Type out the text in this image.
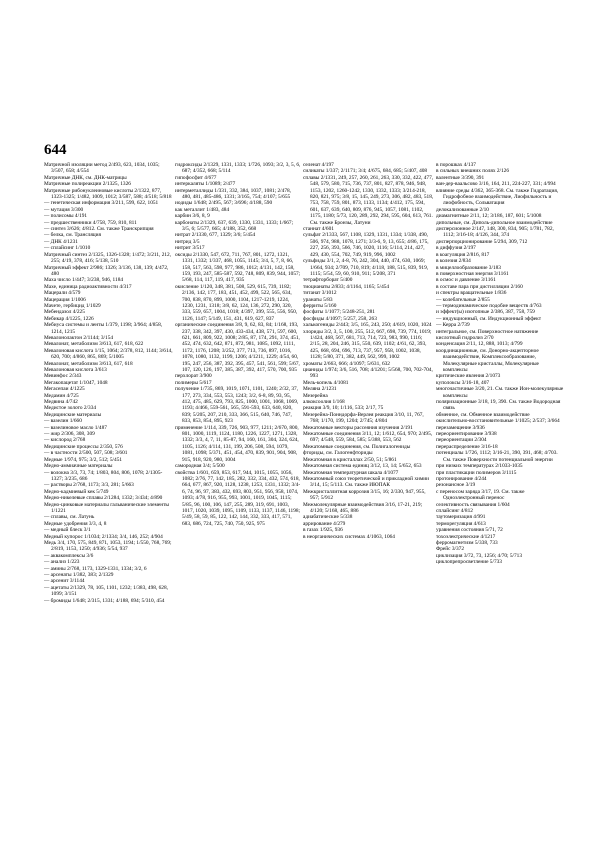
644

Матричной изоляции метод 2/493, 623, 1034, 1035; 3/507, 658; 4/554

Матричные ДНК, см. ДНК-матрицы

Матричные полиреакции 2/1325, 1326

Матричные рибонуклеиновые кислоты 2/1322, 877, 1323-1325; 1/482, 1009, 1012; 3/587, 588; 4/518; 5/818

— генетическая информация 3/211, 599, 622, 1051

— мутация 3/300

— полисомы 4/191

— предшественники 4/758, 759, 810, 811

— синтез 3/626; 4/812. См. также Транскрипция

— белка, см. Трансляция

— ДНК 4/1231

— сплайсинг 1/1010

Матричный синтез 2/1325, 1326-1328; 1/472; 3/211, 212, 255; 4/19, 378, 416; 5/138, 510

Матричный эффект 2/986; 1326; 3/136, 138, 139; 4/472, 480

Маха число 1/447; 3/238, 946, 1184

Махе, единица радиоактивности 4/317

Мацерали 4/579

Мацерация 1/1006

Мачете, гербицид 1/1029

Мебендазол 4/225

Мебикар 4/1225, 1226

Мебиуса системы и ленты 1/379, 1198; 3/964; 4/858, 1214, 1215

Мевалонолактон 2/1144; 3/154

Мевалонат, метаболизм 3/613, 617, 618, 622

Мевалоновая кислота 1/15, 1064; 2/378, 812, 1144; 3/614, 620, 700; 4/860, 865, 869; 5/1005

Мевалонат, метаболизм 3/613, 617, 618

Мевалоновая кислота 3/613

Мевинфос 2/343

Мегакопацетат 1/1047, 1048

Мегасепаи 4/1225

Медамин 4/725

Медвина 4/742

Медистое золото 2/334

Медицинские материалы

— вазелин 1/660

— вазелиновое масло 1/487

— жир 2/306, 308, 309

— кислород 2/768

Медицинские процессы 2/350, 576

— в частности 2/500, 507, 508; 3/601

Медные 1/974, 975; 3/2, 512; 5/451

Медно-аммиачные материалы

— волокна 3/3, 73, 74; 1/803, 804, 806, 1078; 2/1305-1327; 3/235, 686

— растворы 2/768, 1173; 3/3, 281; 5/663

Медно-кадмиевый кек 5/749

Медно-никелевые сплавы 2/1284, 1332; 3/434; 4/890

Медно-цинковые материалы гальванические элементы 1/1221

— сплавы, см. Латунь

Медные удобрения 3/3, 4, 8

— медный блеск 3/1

Медный купорос 1/1034; 2/1334; 3/4, 146, 252; 4/904

Медь 3/4, 170, 575, 849, 871, 1053, 1194; 1/550, 768, 769; 2/819, 1153, 1250; 4/936; 5/54, 937

— аквакомплексы 3/6

— анализ 1/223

— амины 2/768, 1173, 1329-1331, 1334; 3/2, 6

— арсенаты 1/382, 383; 2/1329

— арсенит 3/1144

— ацетаты 2/1329, 78, 105, 1101, 1232; 1/383, 498, 628, 1099; 3/151

— бромиды 1/648; 2/315, 1331; 4/188, 694; 5/310, 454

гидроксиды 2/1329, 1331, 1333; 1/726, 1093; 3/2, 3, 5, 6, 687; 4/352, 668; 5/114

гипофосфит 4/677

интеркаляты 1/1089; 2/477

интерметаллиды 1/331, 332, 384, 1037, 1081; 2/478, 480, 481, 485-486, 1331; 3/165, 754; 4/107; 5/655

иодиды 1/648; 2/495, 567; 3/696; 4/188, 590

как металлит 1/483, 484

карбин 3/6, 8, 9

карбонаты 2/1329, 637, 639, 1330, 1331, 1333; 1/667; 3/5, 6; 5/577, 665; 4/188, 352, 668

нитрат 2/1330, 677, 1329; 3/6; 5/454

нитрид 3/5

нитрит 3/517

оксиды 2/1330, 547, 672, 711, 767, 801, 1272, 1321, 1331, 1332; 1/337, 468, 1055, 1145; 3/4, 5, 7, 8, 66, 158, 517, 563, 598, 977, 986, 1012; 4/131, 142, 158, 159, 193, 247, 585-587, 592, 748, 809, 839, 944, 1057; 5/68, 114, 117, 119, 417, 935

окисление 1/120, 348, 381, 508, 529, 615, 739, 1182; 2/136, 142, 177, 183, 451, 452, 499, 522, 565, 634, 700, 838, 870, 899, 1000, 1104, 1217-1219, 1224, 1230, 1231, 1318; 3/8, 62, 124, 136, 272, 290, 320, 333, 559, 657, 1004, 1018; 4/397, 399, 555, 556, 950, 1126, 1147; 5/149, 151, 431, 619, 627, 837

органические соединения 3/8, 9, 62, 83, 84; 1/168, 193, 237, 338, 342, 397, 430, 433-434, 438, 571, 597, 600, 621, 661, 809, 922, 1008; 2/85, 87, 174, 291, 374, 451, 452, 474, 632, 642, 871, 872, 981, 1085, 1092, 1111, 1172, 1176, 1208; 3/252, 377, 713, 736, 897, 1016, 1078, 1080, 1132, 1199, 1206; 4/1211, 1229; 4/54, 60, 195, 247, 256, 387, 392, 395, 457, 541, 561, 599; 5/67, 107, 120, 126, 197, 385, 387, 392, 417, 570, 700, 935

перхлорат 3/900

полимеры 5/617

получение 1/735, 869, 1019, 1071, 1101, 1240; 2/32, 37, 177, 273, 334, 553, 553, 1243; 3/2, 6-8, 89, 93, 95, 412, 475, 485, 629, 793, 825, 1000, 1001, 1068, 1069, 1193; 4/466, 559-561, 565, 591-593, 633, 640, 820, 839; 5/205, 207, 210, 333, 366, 515, 640, 746, 747, 833, 853, 854, 895, 923

применение 1/114, 339, 726, 903, 977, 1211; 2/670, 800, 801, 1000, 1119, 1124, 1180, 1226, 1227, 1271, 1328, 1332; 3/3, 4, 7, 11, 85-87, 94, 160, 161, 304, 324, 624, 1105, 1126; 4/114, 131, 199, 206, 508, 594, 1079, 1081, 1098; 5/371, 451, 454, 470, 839, 901, 904, 908, 915, 918, 920, 980, 1004

самородная 3/4; 5/500

свойства 1/601, 659, 853, 617, 944, 1015, 1055, 1056, 1082; 2/76, 77, 142, 185, 282, 332, 334, 432, 574, 618, 664, 677, 867, 920, 1128, 1238, 1253, 1331, 1332; 3/4-6, 74, 96, 97, 383, 432, 693, 803, 951, 956, 958, 1074, 1093; 4/78, 916, 955, 993, 1001, 1019, 1045, 1115; 5/85, 96, 100, 106, 147, 255, 289, 319, 691, 1003, 1017, 1020, 1039, 1095, 1109, 1133, 1137, 1146, 1198; 5/49, 58, 59, 85, 122, 142, 144, 332, 333, 417, 571, 683, 686, 724, 725, 740, 750, 925, 975

селенат 4/197

силикаты 1/337; 2/1171; 3/4; 4/675, 684, 685; 5/407, 408

сплавы 2/1331, 249, 257, 260, 261, 263, 330, 332, 422, 477, 548, 579, 580, 715, 736, 737, 801, 827, 878, 946, 948, 1153, 1202, 1260-1242, 1330, 1332, 1333; 3/214-218, 820, 821, 975; 3/8, 15, 145, 249, 273, 306, 482, 483, 518, 753, 758, 759, 801, 873, 1133, 1134; 4/412, 175, 594, 601, 637, 639, 640, 809, 876, 945, 1057, 1081, 1102, 1175, 1180; 5/73, 120, 289, 292, 294, 595, 604, 613, 761. См. также Бронзы, Латуни

станнат 4/601

сульфат 2/1333, 567, 1108, 1329, 1331, 1334; 1/338, 490, 506, 974, 988, 1078, 1271; 3/3-6, 9, 13, 655; 4/86, 175, 227, 256, 393, 566, 746, 1020, 1116; 5/114, 214, 427, 429, 430, 554, 702, 749, 919, 996, 1002

сульфиды 3/1, 2, 4-8, 76, 242, 304, 440, 474, 630, 1069; 1/664, 934; 2/709, 710, 819; 4/118, 188, 515, 839, 919, 1115; 5/54, 59, 60, 910, 911; 5/208, 371

тетрафторборат 5/400

тиоцианаты 2/833; 4/1164, 1165; 5/454

титанат 3/1012

уранаты 5/83

ферриты 5/160

фосфаты 1/1077; 5/248-251, 281

фосфиды 4/1097; 5/257, 258, 263

халькогениды 2/443; 3/5, 165, 243, 250; 4/619, 1020, 1024

хлориды 3/2, 3, 5, 100, 255, 512, 667, 698, 739, 774, 1019; 1/424, 468, 567, 681, 713, 714, 723, 983, 990, 1116; 2/15, 28, 204, 246, 315, 550, 639, 1102; 4/61, 62, 393, 425, 668, 694, 696, 713, 737, 957, 958, 1002, 1038, 1128; 5/80, 371, 382, 449, 562, 999, 1002

хроматы 2/663, 666; 4/1097; 5/631, 632

цианиды 1/974; 3/6, 516, 708; 4/1201; 5/568, 700, 702-704, 993

Мель-копель 4/1081

Меляна 2/1231

Мезерейна

алкоксоолия 1/168

реакция 3/9, 10; 1/116, 533; 2/17, 75

Мезерейна-Понндорфа-Верлея реакция 3/10, 11, 767, 768; 1/170, 199, 1204; 2/745; 4/804

Межатомные векторы рассеяния изучения 2/191

Межатомные соединения 3/11, 12; 1/612, 654, 970; 2/495, 697; 4/548, 559, 584, 585; 5/388, 553, 562

Межатомные соединения, см. Полигалогениды

фториды, см. Галогенфториды

Межатомная в кристаллах 2/50, 51; 5/861

Межатомная система единиц 3/12, 13, 14; 5/652, 653

Межатомная температурная шкала 4/1077

Межатомный союз теоретической и прикладной химии 3/14, 15; 5/113. См. также ИЮПАК

Межкристаллитная коррозия 3/15, 16; 2/330, 947, 955, 957; 5/912

Межмолекулярные взаимодействия 3/16, 17-21, 219; 4/120; 5/168, 465, 886

адиабатические 5/338

аррирование 4/279

в газах 1/925, 936

в неорганических системах 4/1063, 1064

в порошках 4/137

в сильных внешних полях 2/126

валентные 3/390, 391

ван-дер-ваальсово 3/16, 164, 211, 224-227, 331; 4/994

влияние среды 4/362, 365-368. См. также Гидратация, Гидрофобное взаимодействие, Лиофильность и лиофобность, Сольватация

делокализованные 2/10

диамагнитные 2/11, 12; 3/186, 187, 601; 5/1008

дипольные, см. Диполь-дипольное взаимодействие

дисперсионное 2/147, 148, 300, 834, 905; 1/781, 782, 1112; 3/16-18; 4/126, 344, 374

дисперпорционирование 5/294, 309, 712

в диффузия 2/197

в коагуляция 2/816, 817

в колезия 2/834

в мицеллообразование 3/183

в поверхностная энергия 3/1161

в осмос и давление 3/1161

в составе пара при дистилляции 2/160

и спектры вращательные 1/836

— колебательные 2/855

— термодинамическое подобие веществ 4/763

и эффект(ы) изотопные 2/386, 387, 758, 759

— индукционный, см. Индукционный эффект

— Керра 2/739

интегральное, см. Поверхностное натяжение

кислотный гидролиз 2/70

конденсация 2/11, 12, 888, 1013; 4/799

координационные, см. Донорно-акцепторное взаимодействие, Комплексообразование, Молекулярные кристаллы, Молекулярные комплексы

критические явления 2/1073

куполоксы 3/16-18, 407

многочастичные 3/20, 21. См. также Ион-молекулярные комплексы

поляризационные 3/18, 19, 390. См. также Водородная связь

обменное, см. Обменное взаимодействие

окислительно-восстановительные 1/1025; 2/537; 3/664

перезамещение 3/936

переориентирование 3/938

переориентации 2/304

перераспределение 3/16-18

потенциалы 1/726, 1112; 3/16-21, 390, 391, 468; 4/703. См. также Поверхности потенциальной энергии

при низких температурах 2/1033-1035

при пластикации полимеров 3/1115

протонирование 4/244

резонансное 3/19

с переносом заряда 3/17, 19. См. также Одноэлектронный перенос

селективность связывания 1/604

сплайсинг 4/812

таутомеризация 4/991

терморегуляция 4/613

уравнения состояния 5/71, 72

тохоэлектрические 4/1217

ферромагнетизм 5/338, 733

Фрейс 3/372

циклизация 3/72, 73, 1256; 4/70; 5/713

циклопрепросветление 5/733
